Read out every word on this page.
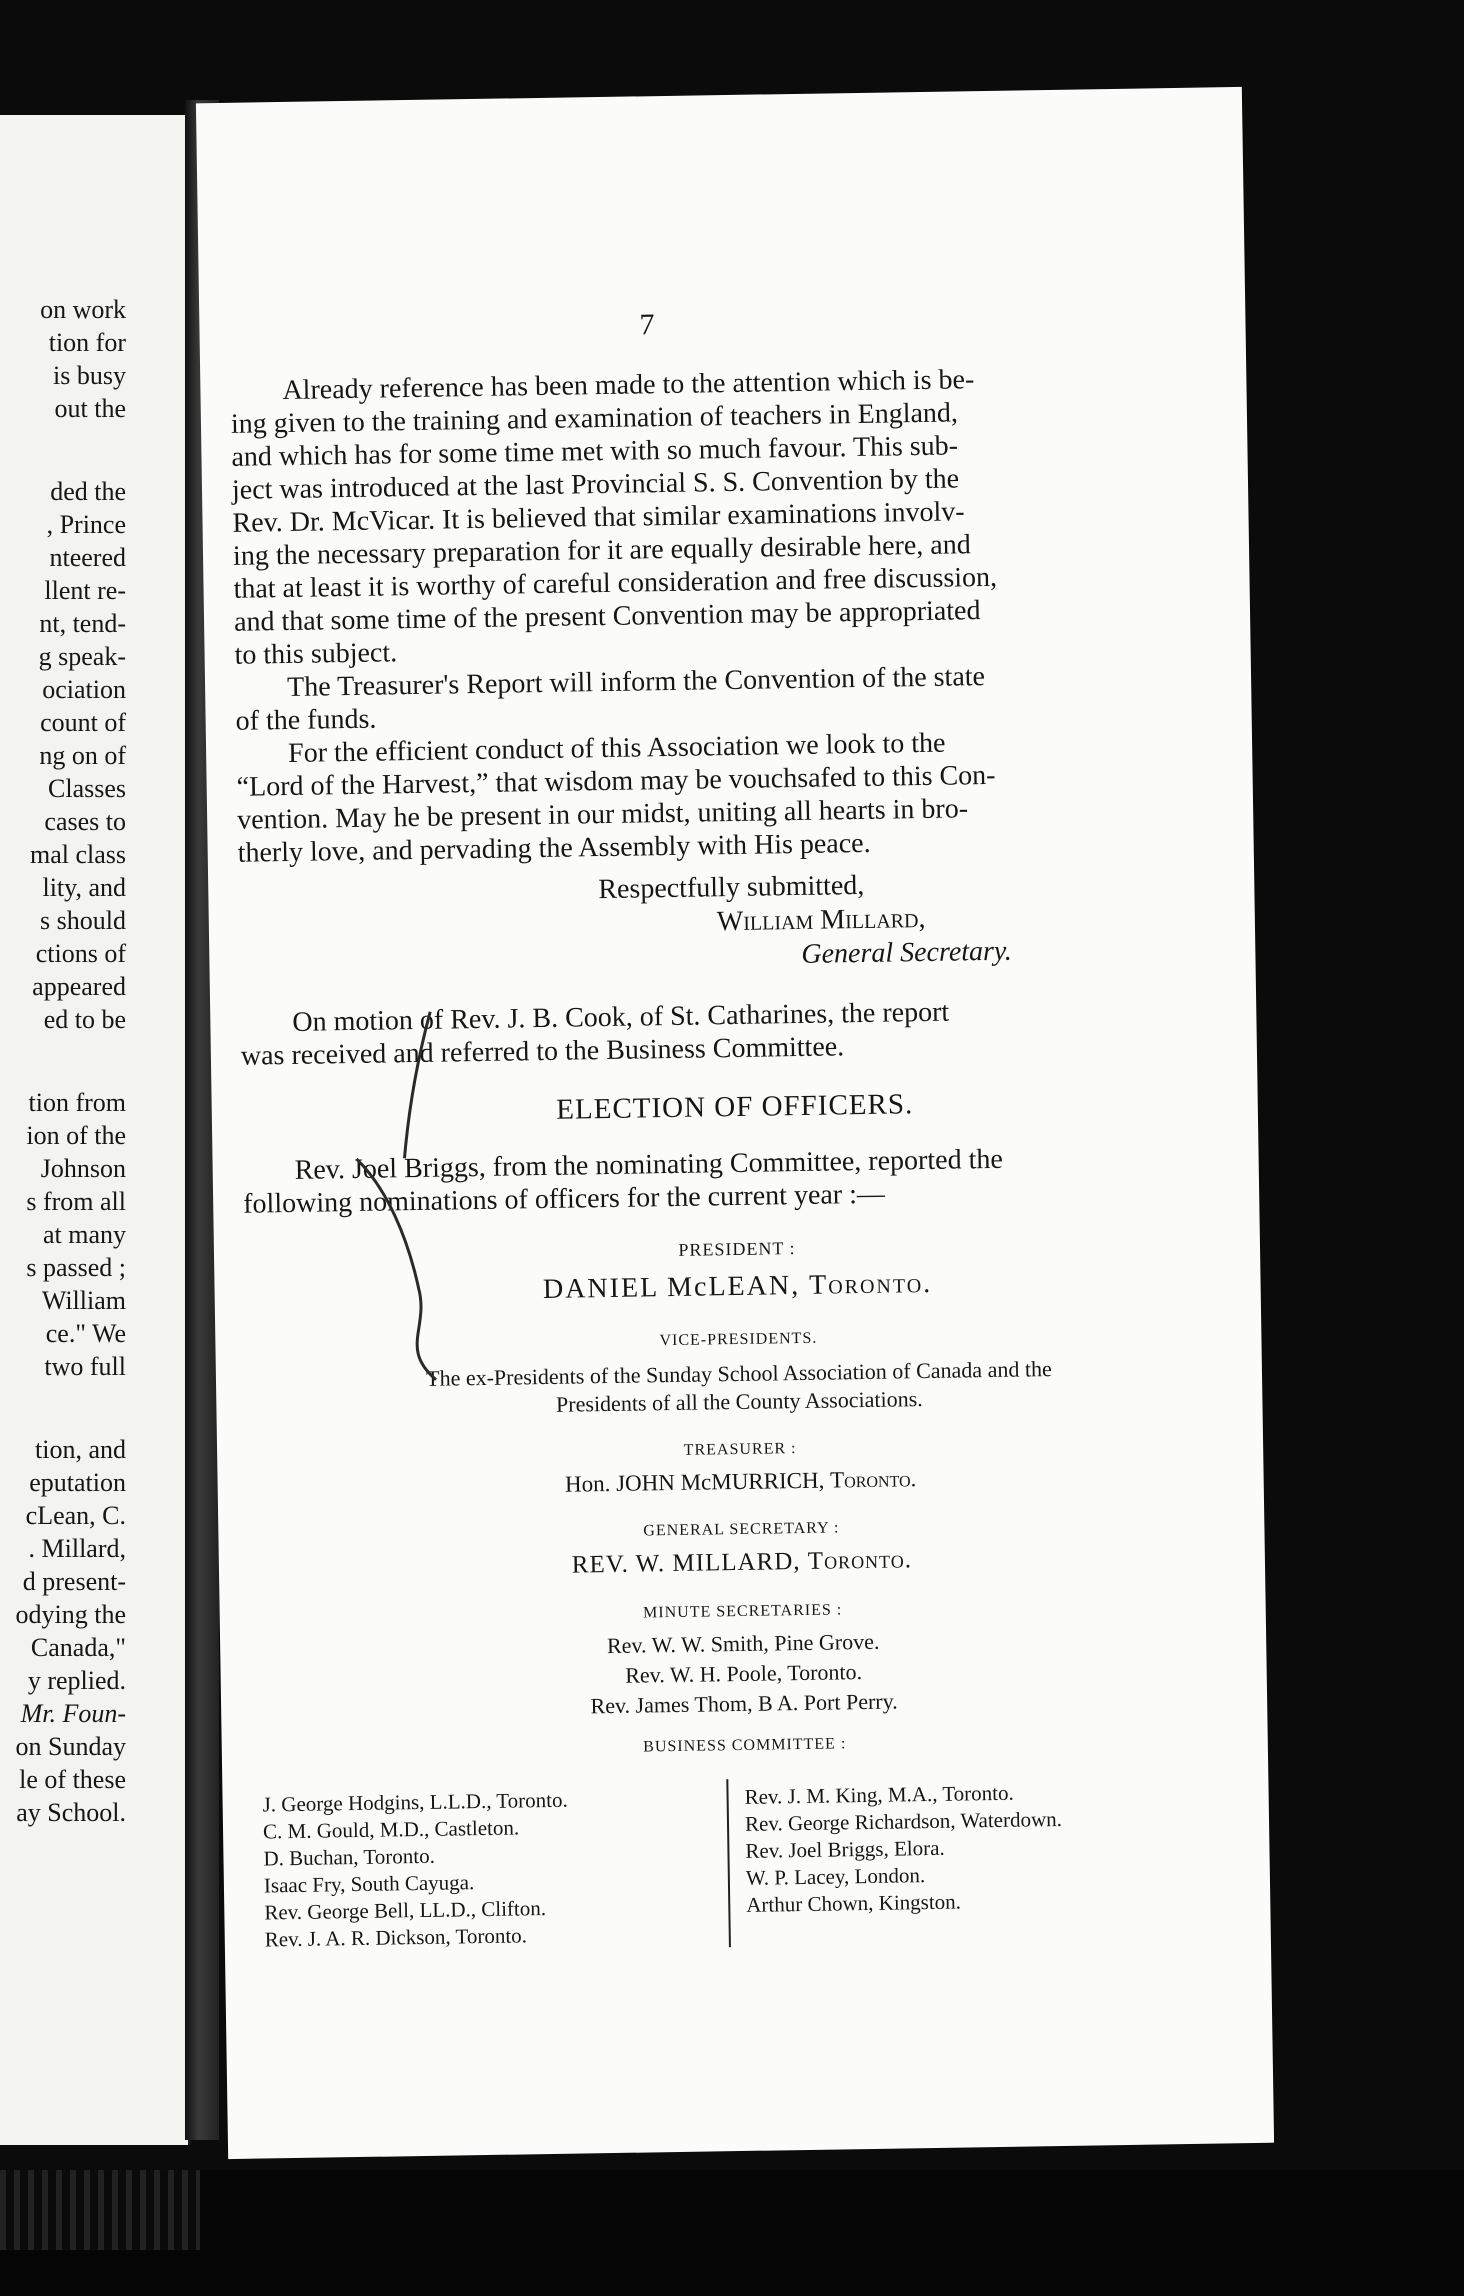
on work
tion for
is busy
out the
ded the
, Prince
nteered
llent re-
nt, tend-
g speak-
ociation
count of
ng on of
Classes
cases to
mal class
lity, and
s should
ctions of
appeared
ed to be
tion from
ion of the
Johnson
s from all
at many
s passed ;
William
ce." We
two full
tion, and
eputation
cLean, C.
. Millard,
d present-
odying the
Canada,"
y replied.
Mr. Foun-
on Sunday
le of these
ay School.
7
Already reference has been made to the attention which is be-
ing given to the training and examination of teachers in England,
and which has for some time met with so much favour. This sub-
ject was introduced at the last Provincial S. S. Convention by the
Rev. Dr. McVicar. It is believed that similar examinations involv-
ing the necessary preparation for it are equally desirable here, and
that at least it is worthy of careful consideration and free discussion,
and that some time of the present Convention may be appropriated
to this subject.
The Treasurer's Report will inform the Convention of the state
of the funds.
For the efficient conduct of this Association we look to the
“Lord of the Harvest,” that wisdom may be vouchsafed to this Con-
vention. May he be present in our midst, uniting all hearts in bro-
therly love, and pervading the Assembly with His peace.
Respectfully submitted,
William Millard,
General Secretary.
On motion of Rev. J. B. Cook, of St. Catharines, the report
was received and referred to the Business Committee.
ELECTION OF OFFICERS.
Rev. Joel Briggs, from the nominating Committee, reported the
following nominations of officers for the current year :—
PRESIDENT :
DANIEL McLEAN, Toronto.
VICE-PRESIDENTS.
The ex-Presidents of the Sunday School Association of Canada and the
Presidents of all the County Associations.
TREASURER :
Hon. JOHN McMURRICH, Toronto.
GENERAL SECRETARY :
REV. W. MILLARD, Toronto.
MINUTE SECRETARIES :
Rev. W. W. Smith, Pine Grove.
Rev. W. H. Poole, Toronto.
Rev. James Thom, B A. Port Perry.
BUSINESS COMMITTEE :
J. George Hodgins, L.L.D., Toronto.
C. M. Gould, M.D., Castleton.
D. Buchan, Toronto.
Isaac Fry, South Cayuga.
Rev. George Bell, LL.D., Clifton.
Rev. J. A. R. Dickson, Toronto.
Rev. J. M. King, M.A., Toronto.
Rev. George Richardson, Waterdown.
Rev. Joel Briggs, Elora.
W. P. Lacey, London.
Arthur Chown, Kingston.
